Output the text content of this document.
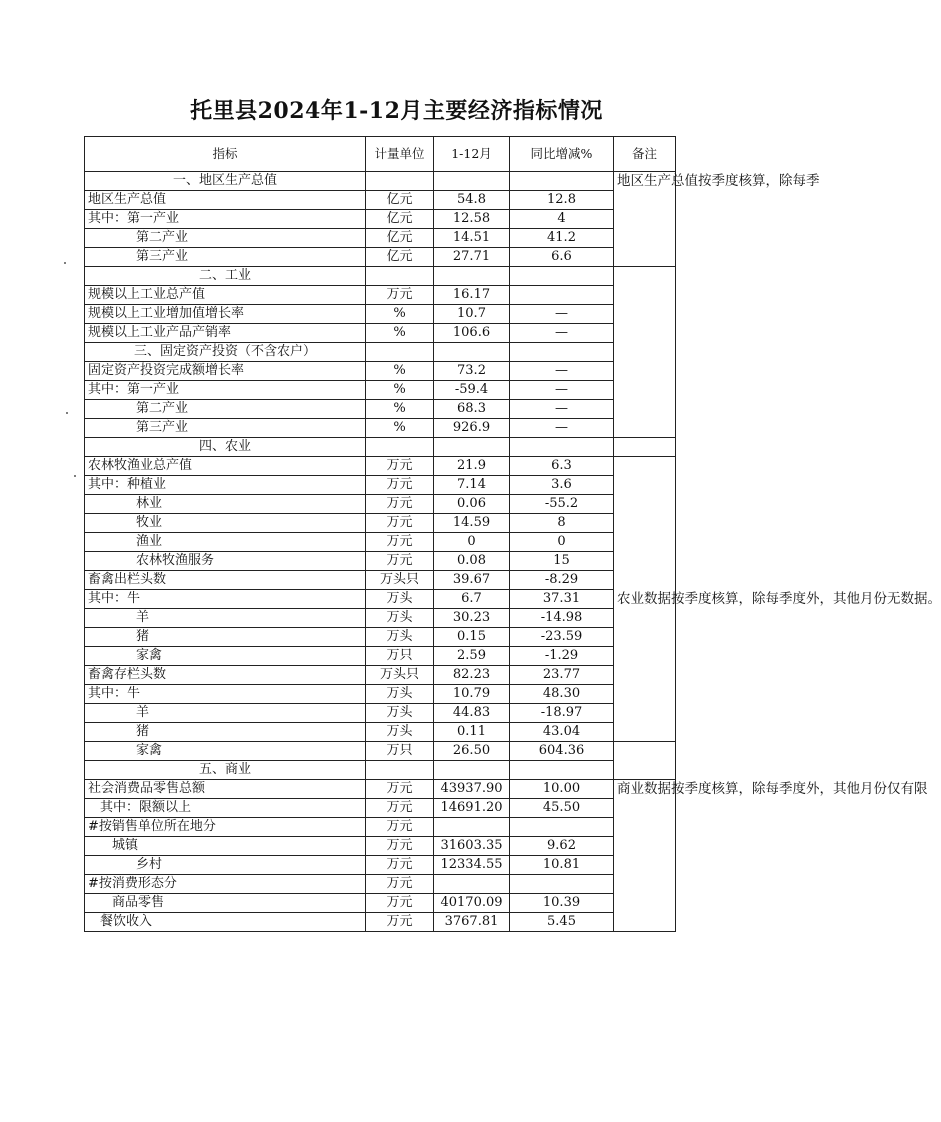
托里县2024年1-12月主要经济指标情况
指标	计量单位	1-12月	同比增减%	备注
一、地区生产总值				地区生产总值按季度核算，除每季
地区生产总值	亿元	54.8	12.8	
其中：第一产业	亿元	12.58	4	
第二产业	亿元	14.51	41.2	
第三产业	亿元	27.71	6.6	
二、工业				
规模以上工业总产值	万元	16.17		
规模以上工业增加值增长率	%	10.7	—	
规模以上工业产品产销率	%	106.6	—	
三、固定资产投资（不含农户）				
固定资产投资完成额增长率	%	73.2	—	
其中：第一产业	%	-59.4	—	
第二产业	%	68.3	—	
第三产业	%	926.9	—	
四、农业				
农林牧渔业总产值	万元	21.9	6.3	农业数据按季度核算，除每季度外，其他月份无数据。
其中：种植业	万元	7.14	3.6	
林业	万元	0.06	-55.2	
牧业	万元	14.59	8	
渔业	万元	0	0	
农林牧渔服务	万元	0.08	15	
畜禽出栏头数	万头只	39.67	-8.29	
其中：牛	万头	6.7	37.31	
羊	万头	30.23	-14.98	
猪	万头	0.15	-23.59	
家禽	万只	2.59	-1.29	
畜禽存栏头数	万头只	82.23	23.77	
其中：牛	万头	10.79	48.30	
羊	万头	44.83	-18.97	
猪	万头	0.11	43.04	
家禽	万只	26.50	604.36	
五、商业				
社会消费品零售总额	万元	43937.90	10.00	商业数据按季度核算，除每季度外，其他月份仅有限
其中：限额以上	万元	14691.20	45.50	
#按销售单位所在地分	万元			
城镇	万元	31603.35	9.62	
乡村	万元	12334.55	10.81	
#按消费形态分	万元			
商品零售	万元	40170.09	10.39	
餐饮收入	万元	3767.81	5.45	
